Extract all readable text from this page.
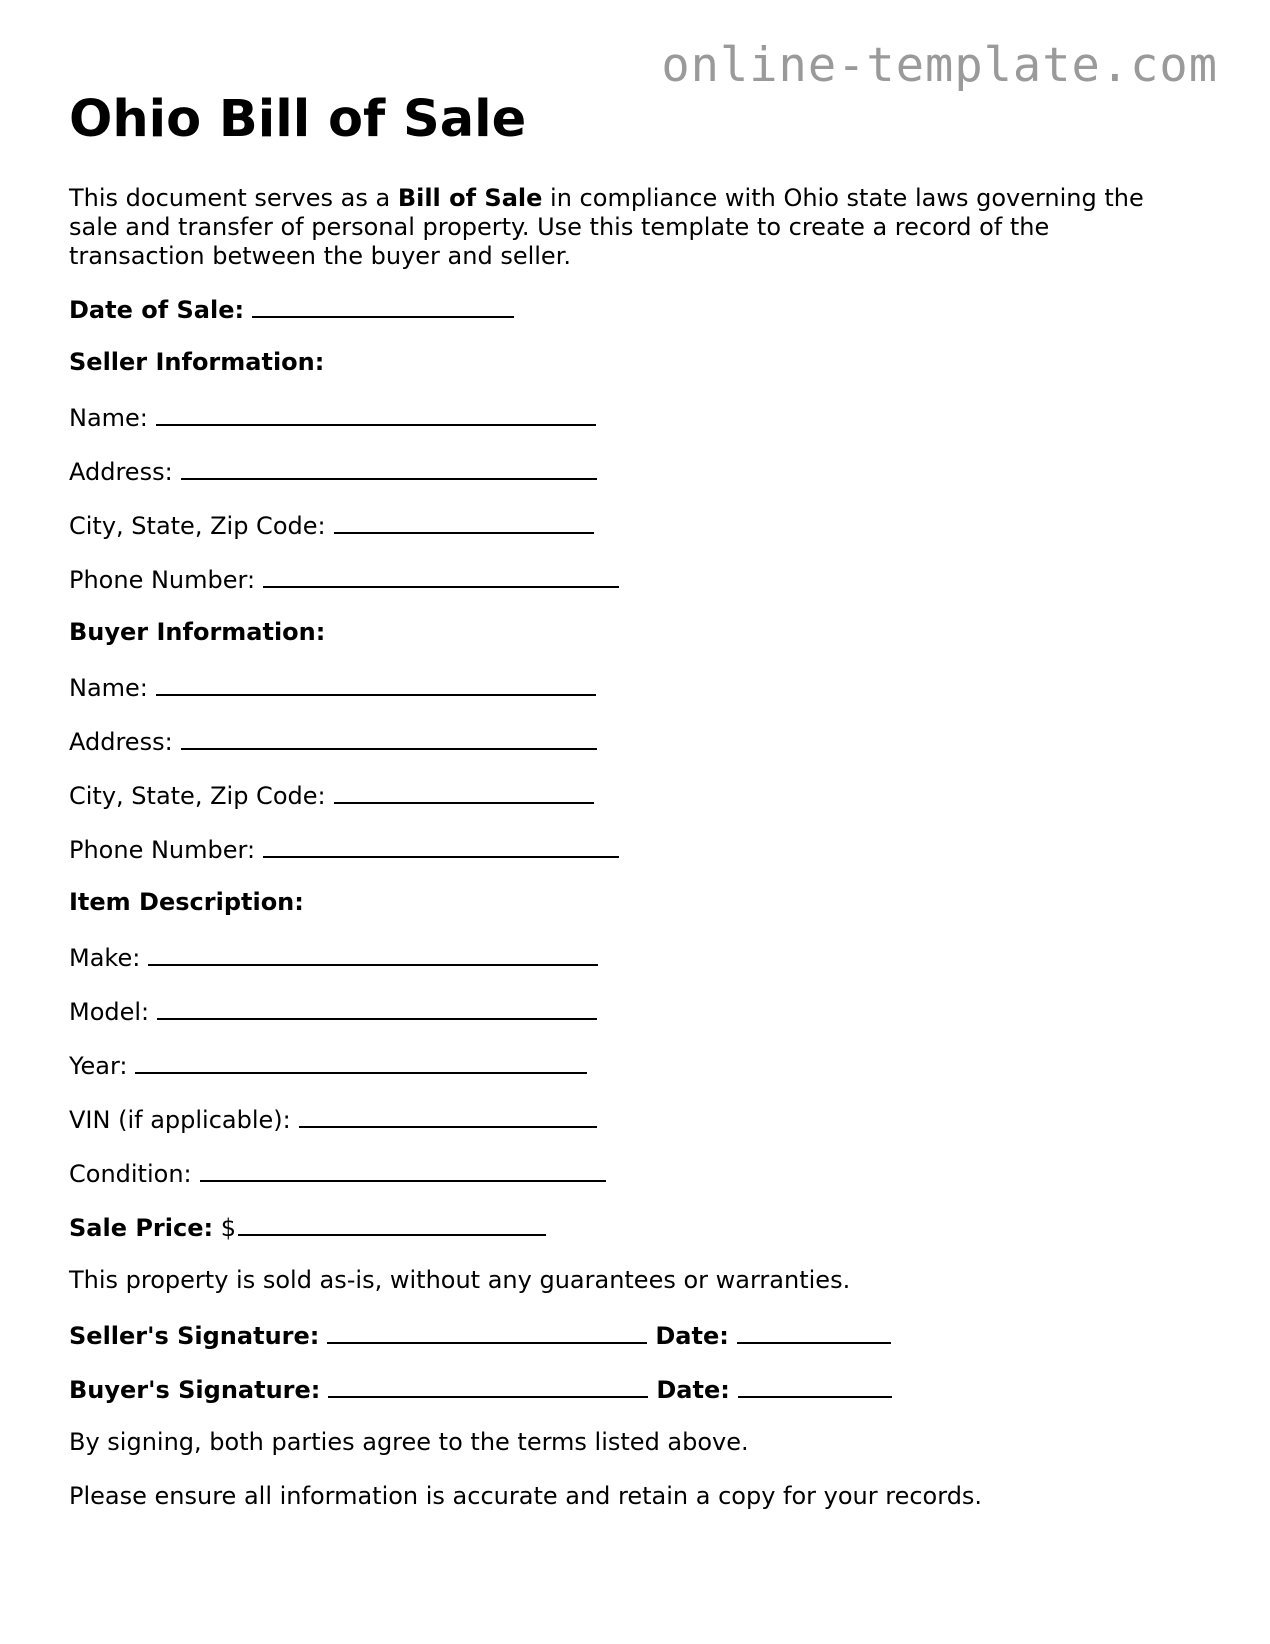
online-template.com
Ohio Bill of Sale

This document serves as a Bill of Sale in compliance with Ohio state laws governing the sale and transfer of personal property. Use this template to create a record of the transaction between the buyer and seller.

Date of Sale:
Seller Information:
Name:
Address:
City, State, Zip Code:
Phone Number:
Buyer Information:
Name:
Address:
City, State, Zip Code:
Phone Number:
Item Description:
Make:
Model:
Year:
VIN (if applicable):
Condition:
Sale Price: $
This property is sold as-is, without any guarantees or warranties.
Seller's Signature:	Date:
Buyer's Signature:	Date:
By signing, both parties agree to the terms listed above.
Please ensure all information is accurate and retain a copy for your records.
